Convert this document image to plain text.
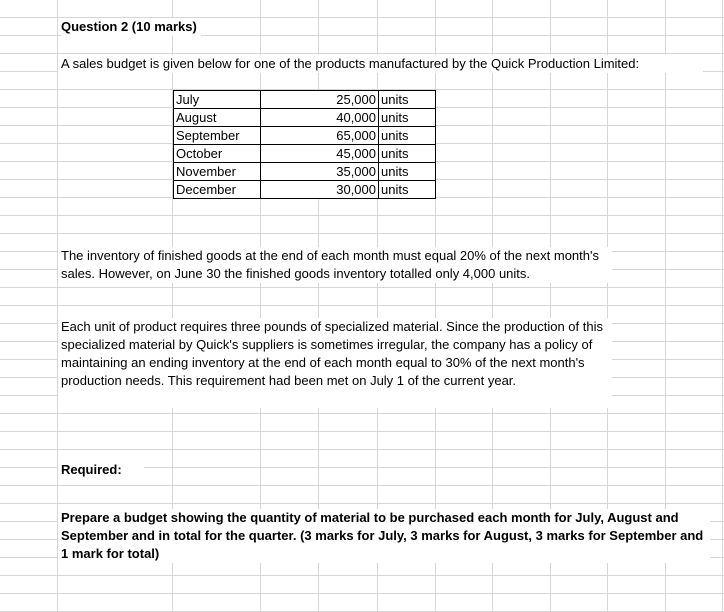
Question 2 (10 marks)
A sales budget is given below for one of the products manufactured by the Quick Production Limited:
July	25,000	units
August	40,000	units
September	65,000	units
October	45,000	units
November	35,000	units
December	30,000	units
The inventory of finished goods at the end of each month must equal 20% of the next month's sales. However, on June 30 the finished goods inventory totalled only 4,000 units.
Each unit of product requires three pounds of specialized material. Since the production of this specialized material by Quick's suppliers is sometimes irregular, the company has a policy of maintaining an ending inventory at the end of each month equal to 30% of the next month's production needs. This requirement had been met on July 1 of the current year.
Required:
Prepare a budget showing the quantity of material to be purchased each month for July, August and September and in total for the quarter. (3 marks for July, 3 marks for August, 3 marks for September and 1 mark for total)
